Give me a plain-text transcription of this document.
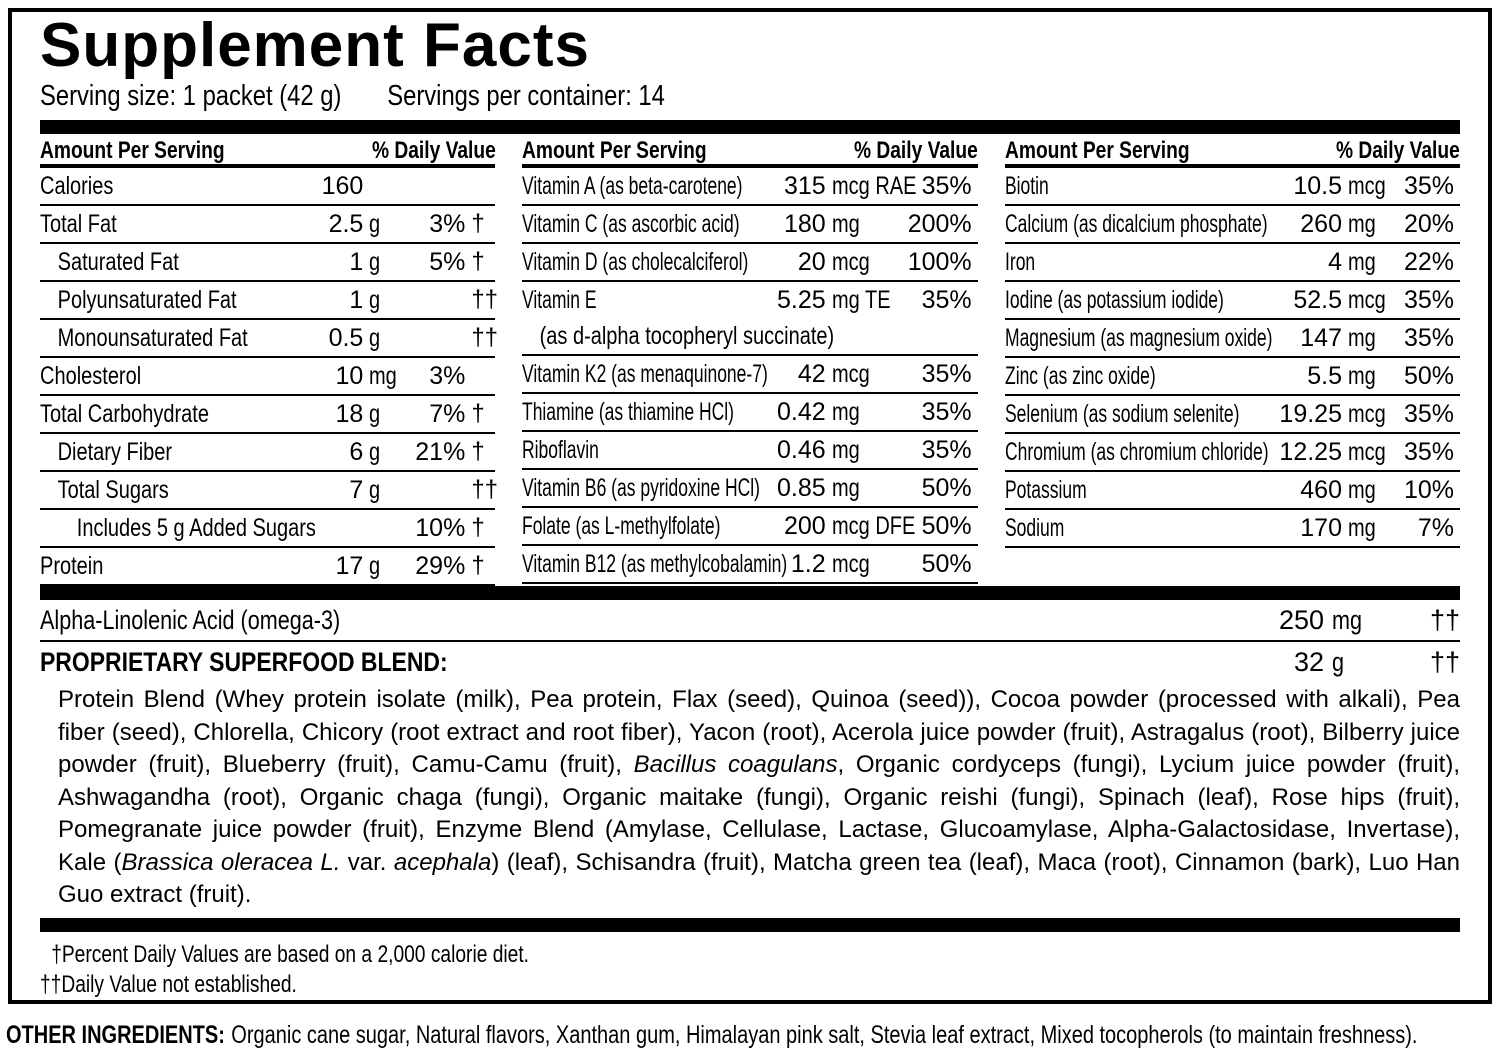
Supplement Facts
Serving size: 1 packet (42 g) Servings per container: 14
Amount Per Serving	% Daily Value
Calories	160
Total Fat	2.5 g 3% †
Saturated Fat	1 g 5% †
Polyunsaturated Fat	1 g	††
Monounsaturated Fat	0.5 g	††
Cholesterol	10 mg 3%
Total Carbohydrate	18 g 7% †
Dietary Fiber	6 g 21% †
Total Sugars	7 g	††
Includes 5 g Added Sugars	10% †
Protein	17 g 29% †
Amount Per Serving	% Daily Value
Vitamin A (as beta-carotene) 315 mcg RAE 35%
Vitamin C (as ascorbic acid) 180 mg 200%
Vitamin D (as cholecalciferol) 20 mcg 100%
Vitamin E	5.25 mg TE 35%
(as d-alpha tocopheryl succinate)
Vitamin K2 (as menaquinone-7) 42 mcg 35%
Thiamine (as thiamine HCl) 0.42 mg 35%
Riboflavin	0.46 mg 35%
Vitamin B6 (as pyridoxine HCl) 0.85 mg 50%
Folate (as L-methylfolate)	200 mcg DFE 50%
Vitamin B12 (as methylcobalamin) 1.2 mcg 50%
Amount Per Serving	% Daily Value
Biotin	10.5 mcg 35%
Calcium (as dicalcium phosphate) 260 mg 20%
Iron	4 mg 22%
Iodine (as potassium iodide)	52.5 mcg 35%
Magnesium (as magnesium oxide) 147 mg 35%
Zinc (as zinc oxide)	5.5 mg 50%
Selenium (as sodium selenite) 19.25 mcg 35%
Chromium (as chromium chloride) 12.25 mcg 35%
Potassium	460 mg 10%
Sodium	170 mg 7%
Alpha-Linolenic Acid (omega-3)	250 mg	††
PROPRIETARY SUPERFOOD BLEND:	32 g	††

Protein Blend (Whey protein isolate (milk), Pea protein, Flax (seed), Quinoa (seed)), Cocoa powder (processed with alkali), Pea fiber (seed), Chlorella, Chicory (root extract and root fiber), Yacon (root), Acerola juice powder (fruit), Astragalus (root), Bilberry juice powder (fruit), Blueberry (fruit), Camu-Camu (fruit), Bacillus coagulans, Organic cordyceps (fungi), Lycium juice powder (fruit), Ashwagandha (root), Organic chaga (fungi), Organic maitake (fungi), Organic reishi (fungi), Spinach (leaf), Rose hips (fruit), Pomegranate juice powder (fruit), Enzyme Blend (Amylase, Cellulase, Lactase, Glucoamylase, Alpha-Galactosidase, Invertase), Kale (Brassica oleracea L. var. acephala) (leaf), Schisandra (fruit), Matcha green tea (leaf), Maca (root), Cinnamon (bark), Luo Han Guo extract (fruit).

†Percent Daily Values are based on a 2,000 calorie diet.
††Daily Value not established.
OTHER INGREDIENTS: Organic cane sugar, Natural flavors, Xanthan gum, Himalayan pink salt, Stevia leaf extract, Mixed tocopherols (to maintain freshness).
